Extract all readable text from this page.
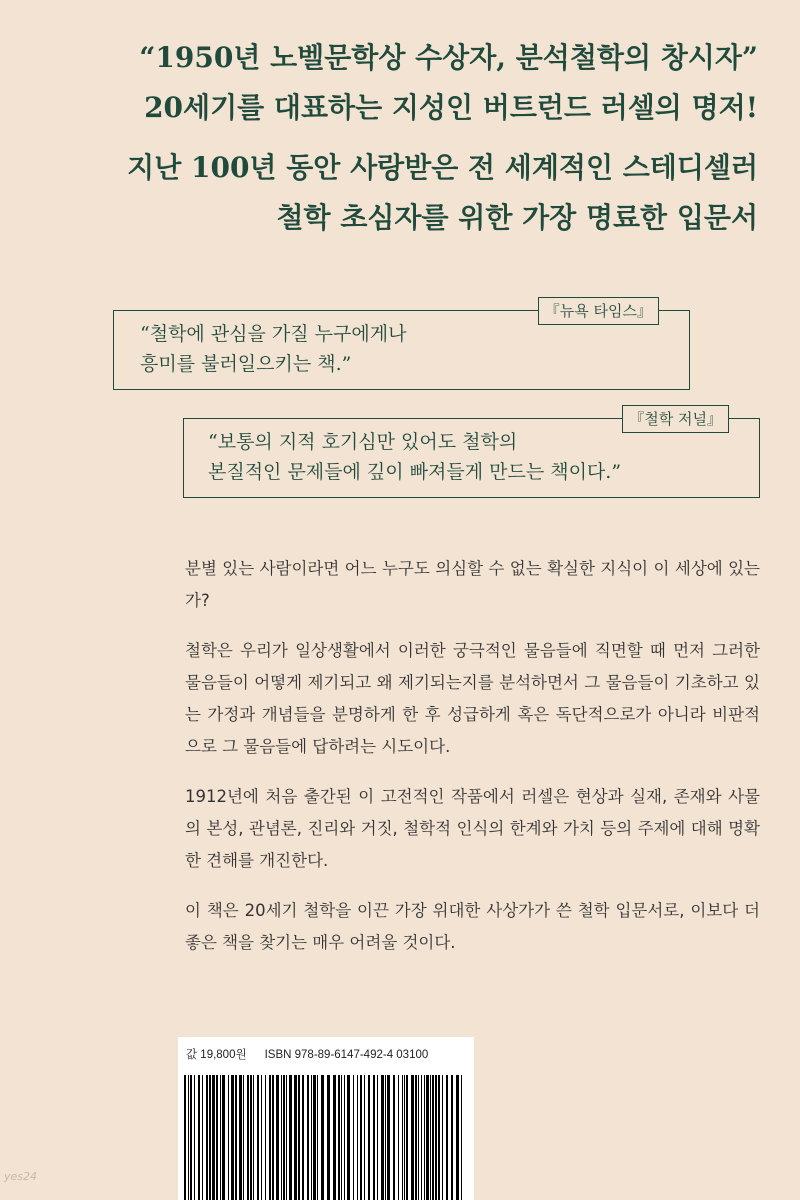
“1950년 노벨문학상 수상자, 분석철학의 창시자”
20세기를 대표하는 지성인 버트런드 러셀의 명저!
지난 100년 동안 사랑받은 전 세계적인 스테디셀러
철학 초심자를 위한 가장 명료한 입문서
『뉴욕 타임스』
“철학에 관심을 가질 누구에게나
흥미를 불러일으키는 책.”
『철학 저널』
“보통의 지적 호기심만 있어도 철학의
본질적인 문제들에 깊이 빠져들게 만드는 책이다.”

분별 있는 사람이라면 어느 누구도 의심할 수 없는 확실한 지식이 이 세상에 있는가?

철학은 우리가 일상생활에서 이러한 궁극적인 물음들에 직면할 때 먼저 그러한 물음들이 어떻게 제기되고 왜 제기되는지를 분석하면서 그 물음들이 기초하고 있는 가정과 개념들을 분명하게 한 후 성급하게 혹은 독단적으로가 아니라 비판적으로 그 물음들에 답하려는 시도이다.

1912년에 처음 출간된 이 고전적인 작품에서 러셀은 현상과 실재, 존재와 사물의 본성, 관념론, 진리와 거짓, 철학적 인식의 한계와 가치 등의 주제에 대해 명확한 견해를 개진한다.

이 책은 20세기 철학을 이끈 가장 위대한 사상가가 쓴 철학 입문서로, 이보다 더 좋은 책을 찾기는 매우 어려울 것이다.

값 19,800원 ISBN 978-89-6147-492-4 03100
yes24
